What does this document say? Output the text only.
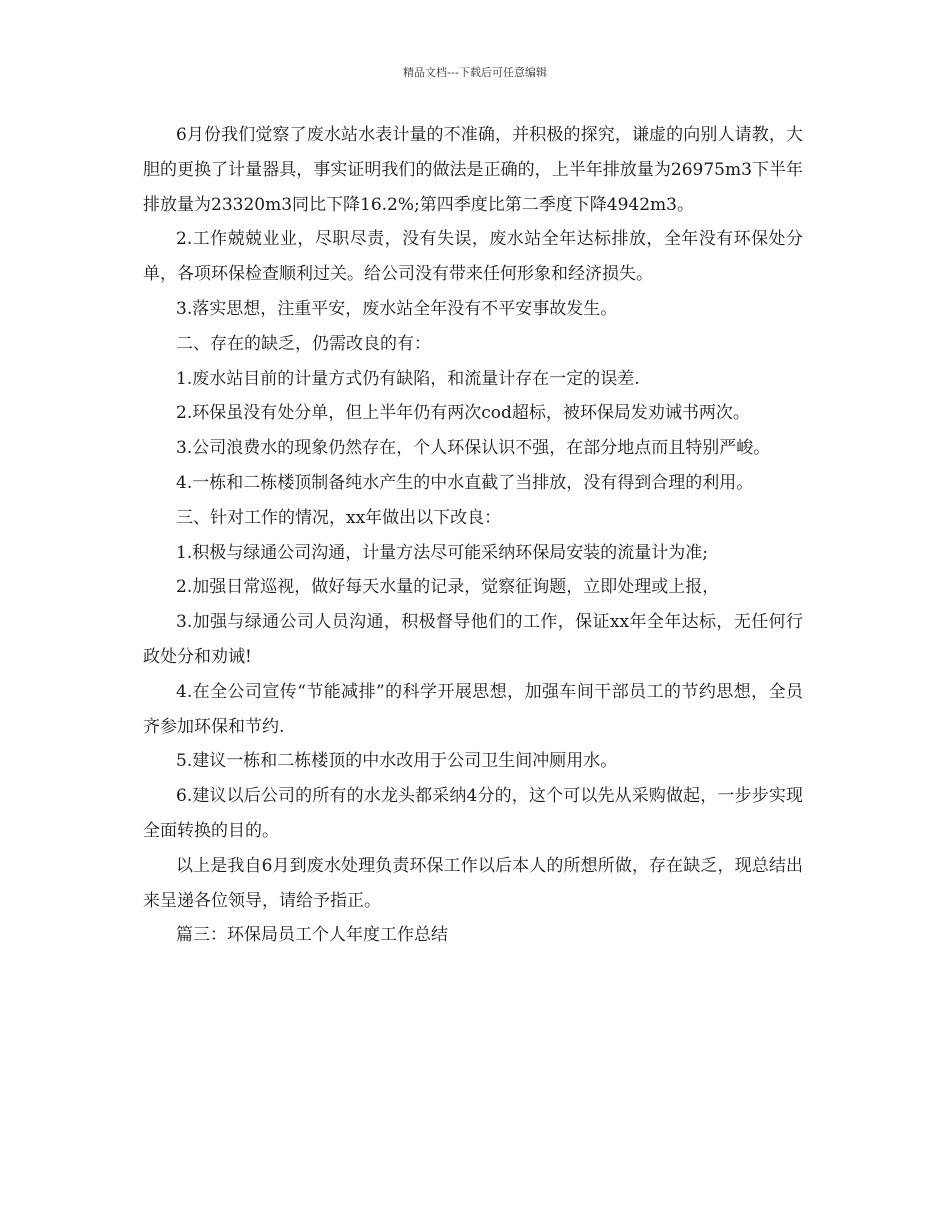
精品文档---下载后可任意编辑

6月份我们觉察了废水站水表计量的不准确，并积极的探究，谦虚的向别人请教，大胆的更换了计量器具，事实证明我们的做法是正确的，上半年排放量为26975m3下半年排放量为23320m3同比下降16.2%;第四季度比第二季度下降4942m3。

2.工作兢兢业业，尽职尽责，没有失误，废水站全年达标排放，全年没有环保处分单，各项环保检查顺利过关。给公司没有带来任何形象和经济损失。

3.落实思想，注重平安，废水站全年没有不平安事故发生。

二、存在的缺乏，仍需改良的有：

1.废水站目前的计量方式仍有缺陷，和流量计存在一定的误差.

2.环保虽没有处分单，但上半年仍有两次cod超标，被环保局发劝诫书两次。

3.公司浪费水的现象仍然存在，个人环保认识不强，在部分地点而且特别严峻。

4.一栋和二栋楼顶制备纯水产生的中水直截了当排放，没有得到合理的利用。

三、针对工作的情况，xx年做出以下改良：

1.积极与绿通公司沟通，计量方法尽可能采纳环保局安装的流量计为准;

2.加强日常巡视，做好每天水量的记录，觉察征询题，立即处理或上报，

3.加强与绿通公司人员沟通，积极督导他们的工作，保证xx年全年达标，无任何行政处分和劝诫!

4.在全公司宣传“节能减排”的科学开展思想，加强车间干部员工的节约思想，全员齐参加环保和节约.

5.建议一栋和二栋楼顶的中水改用于公司卫生间冲厕用水。

6.建议以后公司的所有的水龙头都采纳4分的，这个可以先从采购做起，一步步实现全面转换的目的。

以上是我自6月到废水处理负责环保工作以后本人的所想所做，存在缺乏，现总结出来呈递各位领导，请给予指正。

篇三：环保局员工个人年度工作总结
